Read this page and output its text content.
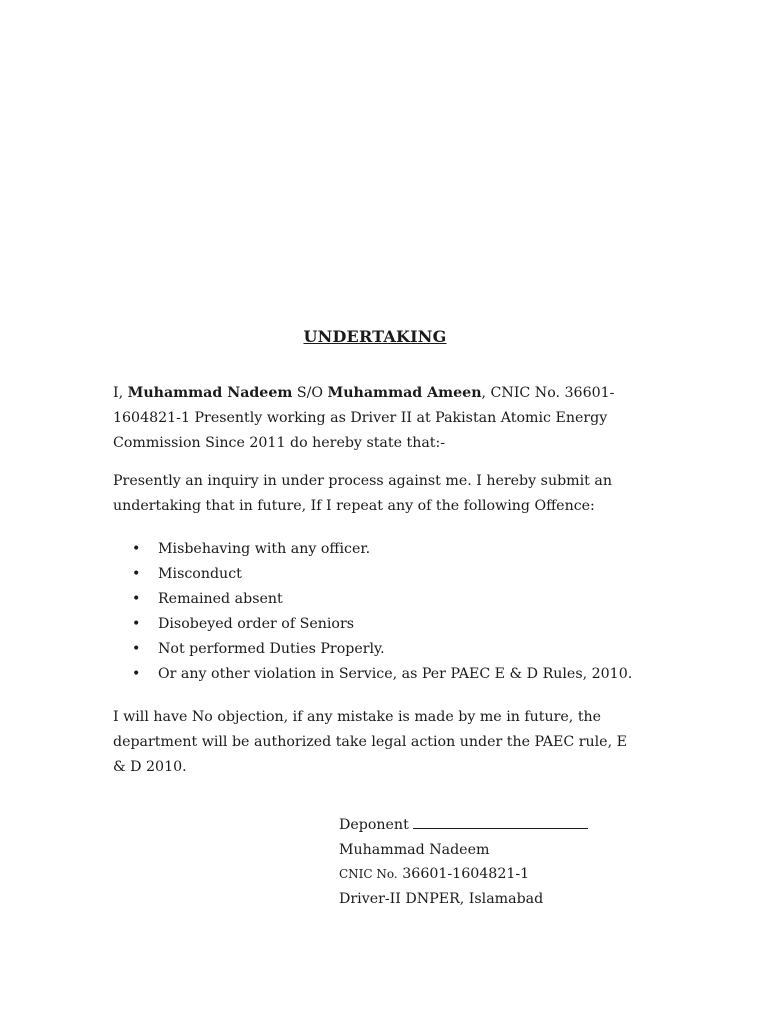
UNDERTAKING

I, Muhammad Nadeem S/O Muhammad Ameen, CNIC No. 36601-
1604821-1 Presently working as Driver II at Pakistan Atomic Energy
Commission Since 2011 do hereby state that:-

Presently an inquiry in under process against me. I hereby submit an
undertaking that in future, If I repeat any of the following Offence:

• Misbehaving with any officer.
• Misconduct
• Remained absent
• Disobeyed order of Seniors
• Not performed Duties Properly.
• Or any other violation in Service, as Per PAEC E & D Rules, 2010.

I will have No objection, if any mistake is made by me in future, the
department will be authorized take legal action under the PAEC rule, E
& D 2010.

Deponent
Muhammad Nadeem
CNIC No. 36601-1604821-1
Driver-II DNPER, Islamabad
